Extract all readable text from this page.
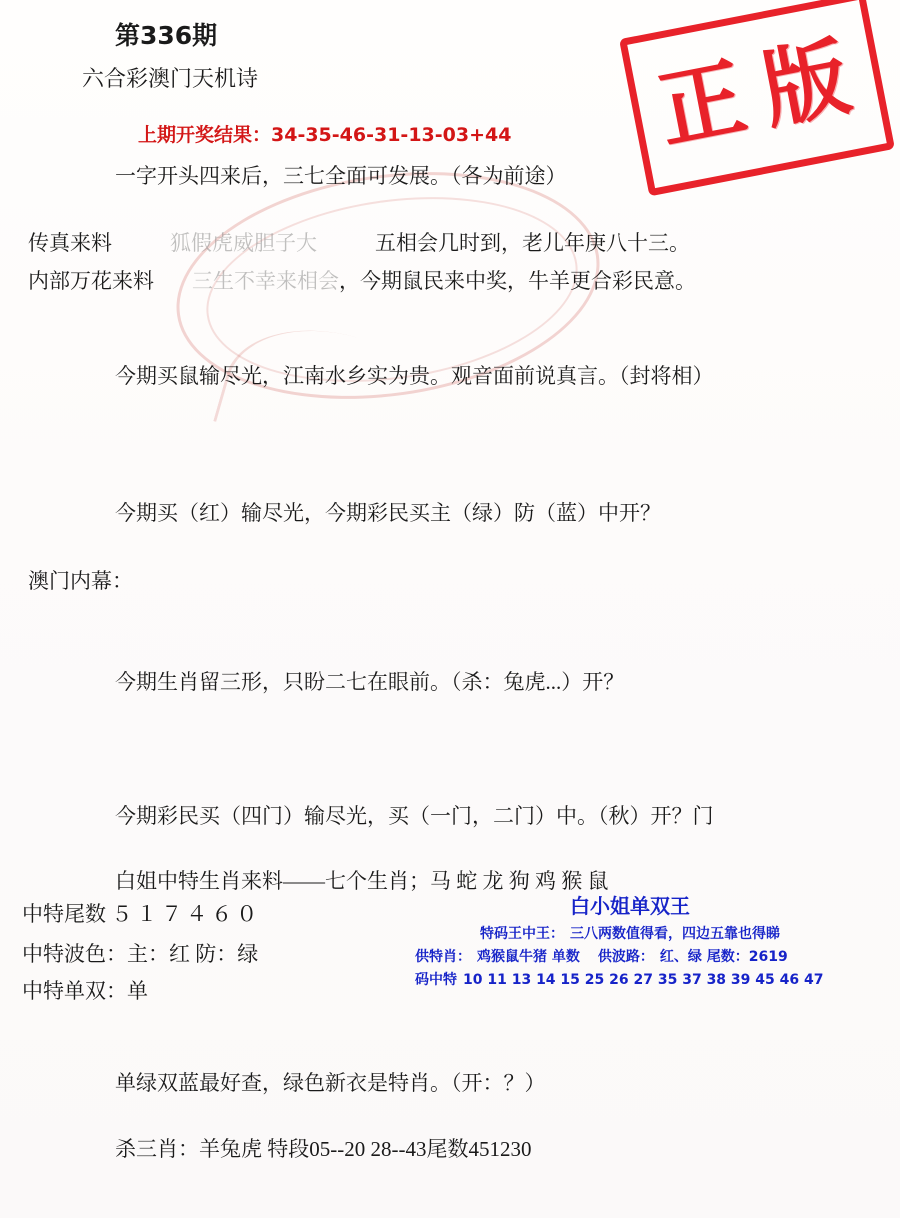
正
版
第336期
六合彩澳门天机诗
上期开奖结果：34-35-46-31-13-03+44
一字开头四来后，三七全面可发展。（各为前途）
传真来料	狐假虎威胆子大	五相会几时到，老儿年庚八十三。
内部万花来料 三生不幸来相会，今期鼠民来中奖，牛羊更合彩民意。
今期买鼠输尽光，江南水乡实为贵。观音面前说真言。（封将相）
今期买（红）输尽光，今期彩民买主（绿）防（蓝）中开？
澳门内幕：
今期生肖留三形，只盼二七在眼前。（杀：兔虎...）开？
今期彩民买（四门）输尽光，买（一门，二门）中。（秋）开？门
白姐中特生肖来料——七个生肖；马 蛇 龙 狗 鸡 猴 鼠
中特尾数 ５１７４６０
中特波色：主：红 防：绿
中特单双：单
白小姐单双王
特码王中王： 三八两数值得看，四边五靠也得睇
供特肖： 鸡猴鼠牛猪 单数 供波路： 红、绿 尾数：2619
码中特 10 11 13 14 15 25 26 27 35 37 38 39 45 46 47
单绿双蓝最好查，绿色新衣是特肖。（开：？）
杀三肖：羊兔虎 特段05--20 28--43尾数451230
